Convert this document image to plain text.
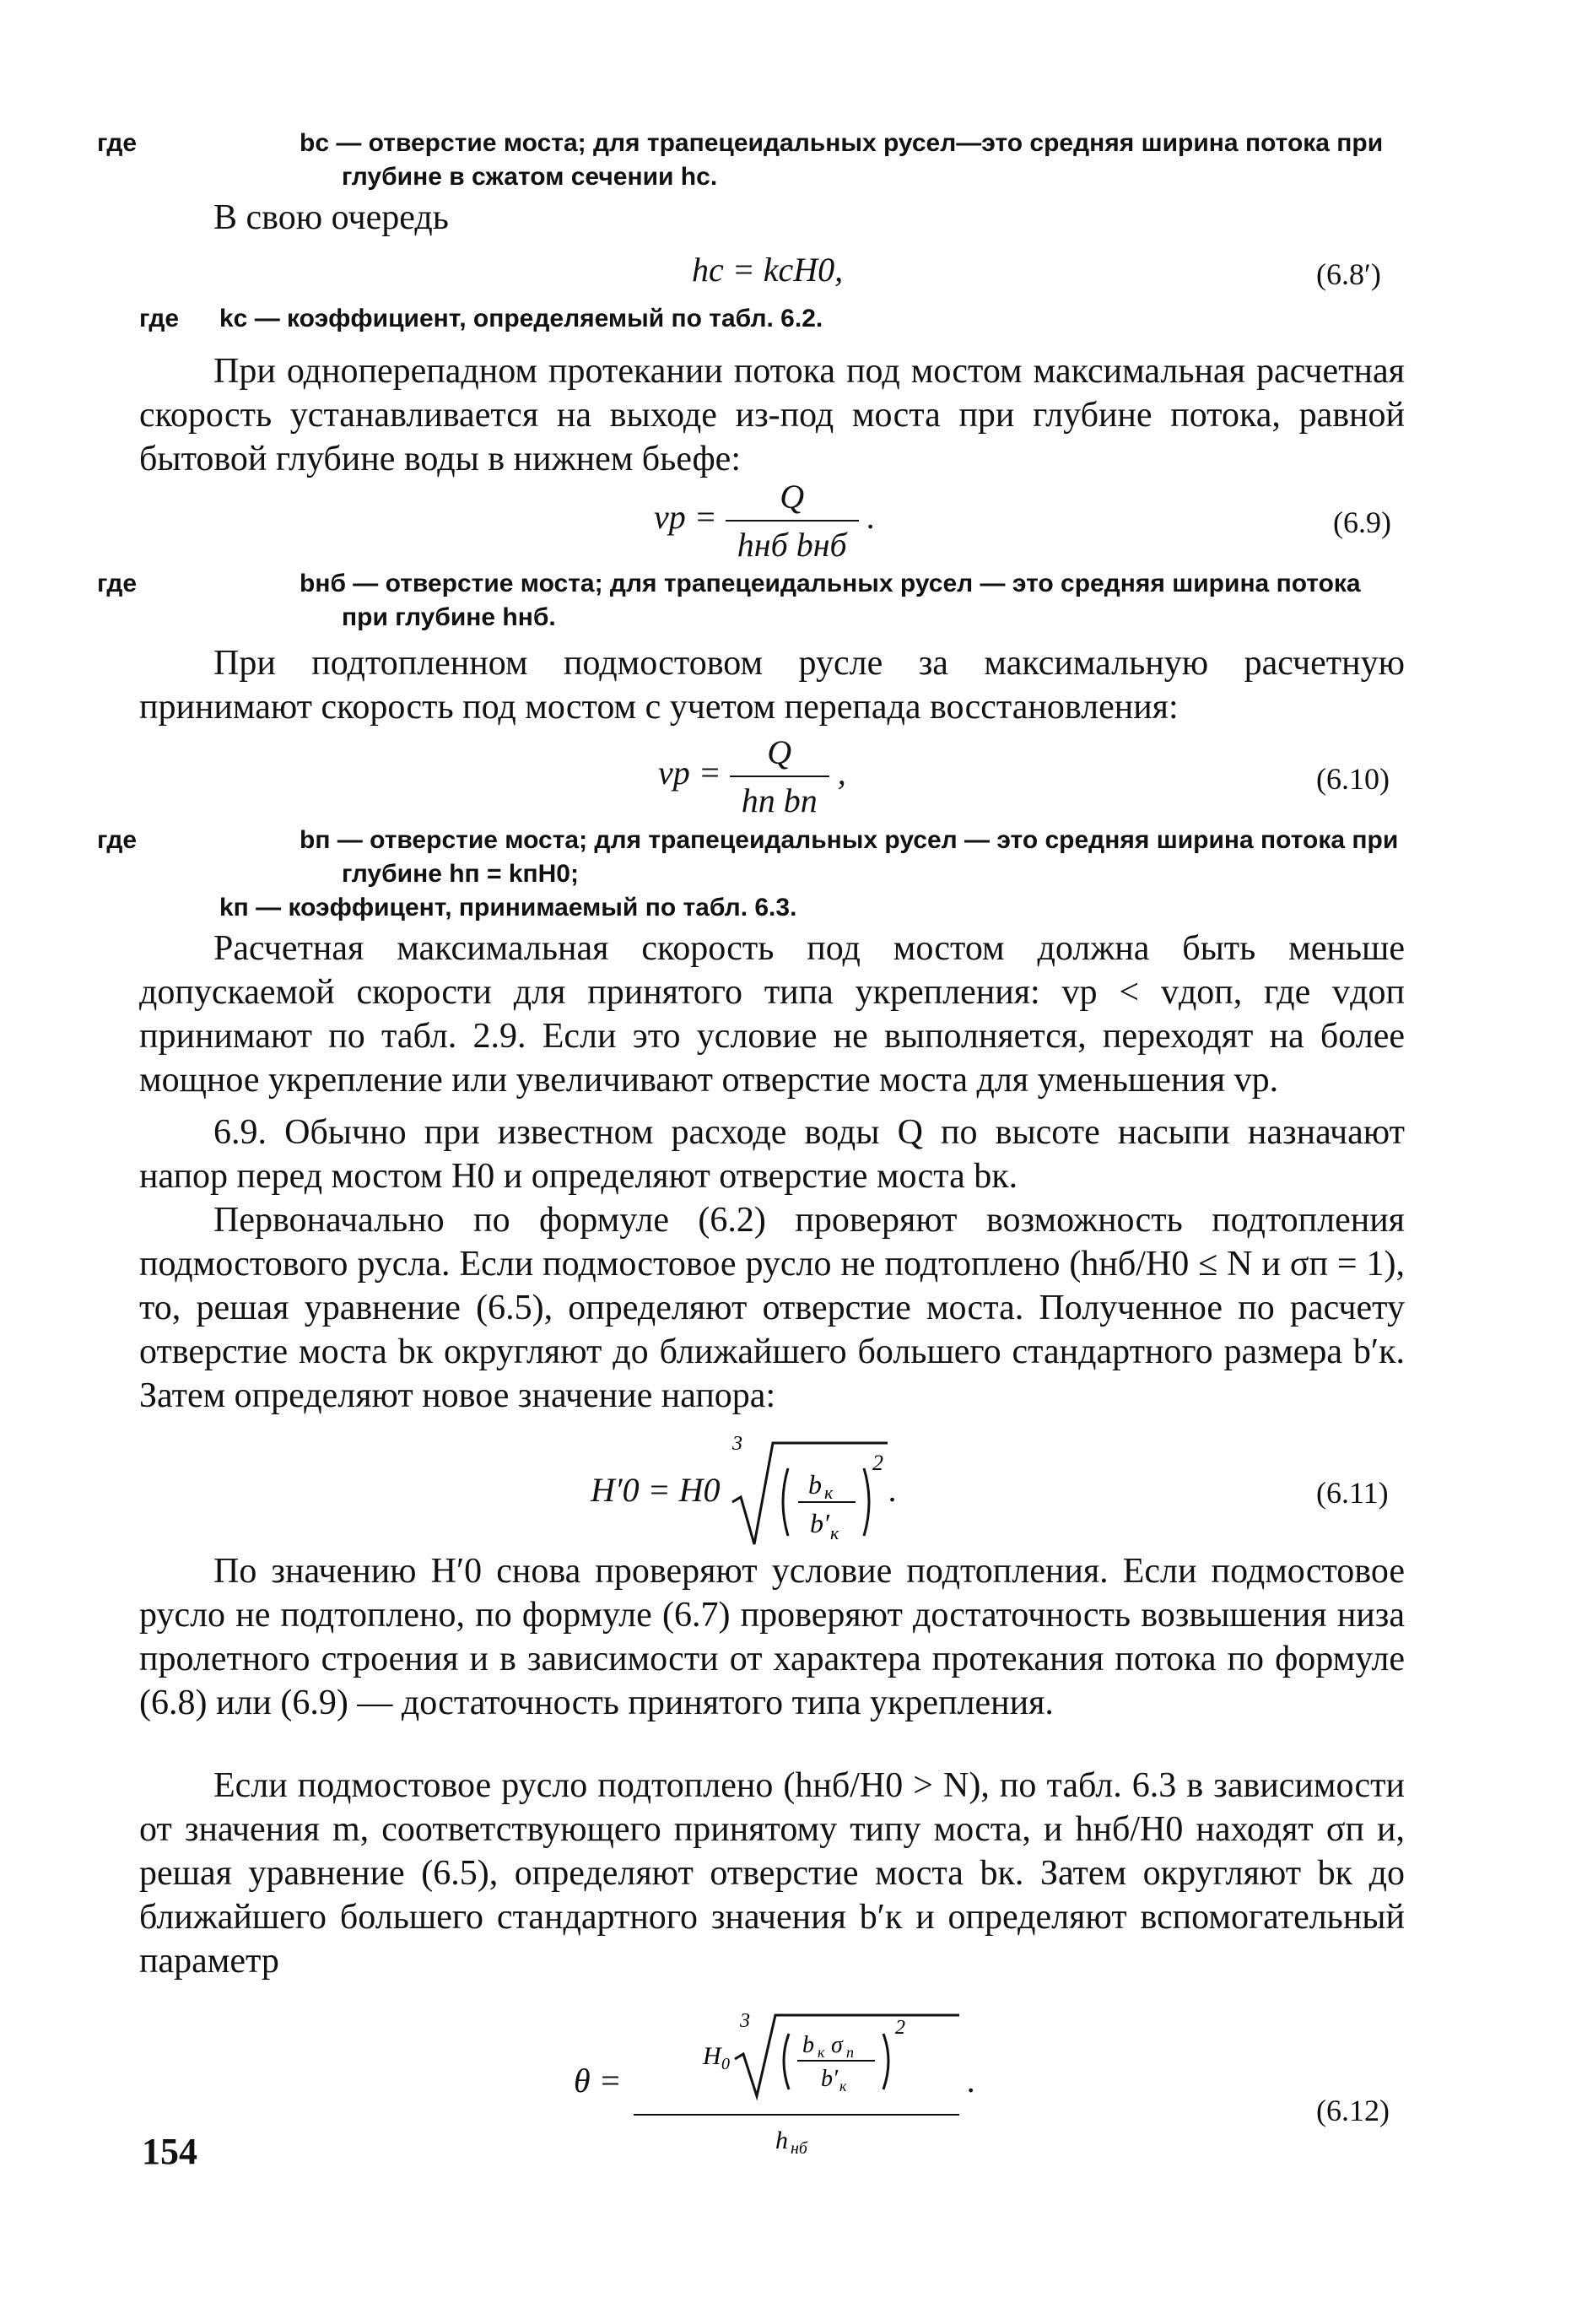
где	bс — отверстие моста; для трапецеидальных русел—это средняя ширина потока при глубине в сжатом сечении hс.
В свою очередь
hс = kсH0,	(6.8′)
где kс — коэффициент, определяемый по табл. 6.2.
При одноперепадном протекании потока под мостом максимальная расчетная скорость устанавливается на выходе из-под моста при глубине потока, равной бытовой глубине воды в нижнем бьефе:
vр = $\frac{Q}{\text{hнб bнб}}$ .	(6.9)
где	bнб — отверстие моста; для трапецеидальных русел — это средняя ширина потока при глубине hнб.
При подтопленном подмостовом русле за максимальную расчетную принимают скорость под мостом с учетом перепада восстановления:
vр = $\frac{Q}{\text{hп bп}}$ ,	(6.10)
где	bп — отверстие моста; для трапецеидальных русел — это средняя ширина потока при глубине hп = kпH0;
kп — коэффицент, принимаемый по табл. 6.3.
Расчетная максимальная скорость под мостом должна быть меньше допускаемой скорости для принятого типа укрепления: vр < vдоп, где vдоп принимают по табл. 2.9. Если это условие не выполняется, переходят на более мощное укрепление или увеличивают отверстие моста для уменьшения vр.
6.9. Обычно при известном расходе воды Q по высоте насыпи назначают напор перед мостом H0 и определяют отверстие моста bк.
Первоначально по формуле (6.2) проверяют возможность подтопления подмостового русла. Если подмостовое русло не подтоплено (hнб/H0 ≤ N и σп = 1), то, решая уравнение (6.5), определяют отверстие моста. Полученное по расчету отверстие моста bк округляют до ближайшего большего стандартного размера b′к. Затем определяют новое значение напора:
H′0 = H0
3
b к
b′ к
2
.	(6.11)
По значению H′0 снова проверяют условие подтопления. Если подмостовое русло не подтоплено, по формуле (6.7) проверяют достаточность возвышения низа пролетного строения и в зависимости от характера протекания потока по формуле (6.8) или (6.9) — достаточность принятого типа укрепления.
Если подмостовое русло подтоплено (hнб/H0 > N), по табл. 6.3 в зависимости от значения m, соответствующего принятому типу моста, и hнб/H0 находят σп и, решая уравнение (6.5), определяют отверстие моста bк. Затем округляют bк до ближайшего большего стандартного значения b′к и определяют вспомогательный параметр
θ =
H 0
3
b к σ п
b′ к
2
h нб
.
(6.12)
154
